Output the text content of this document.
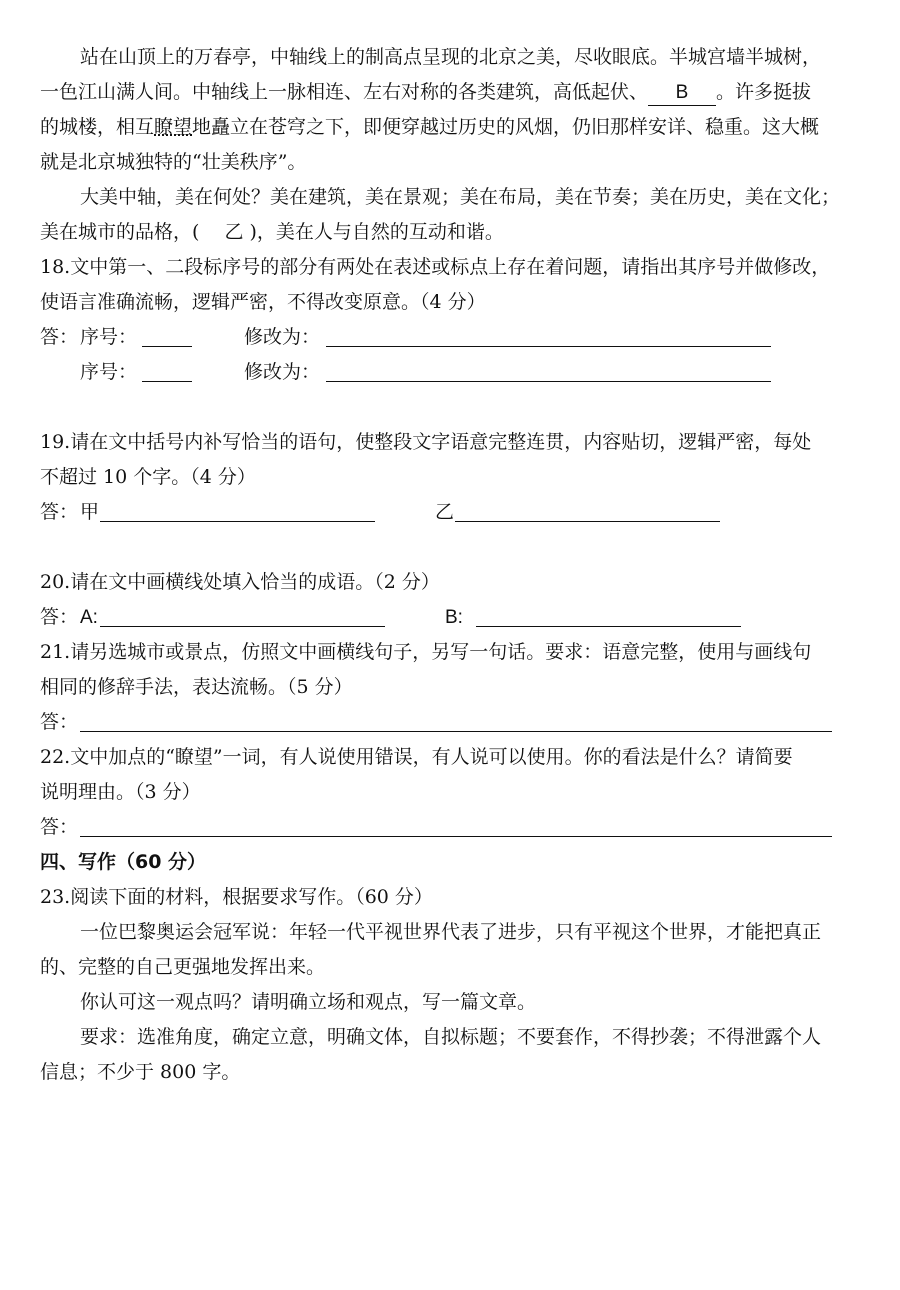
站在山顶上的万春亭，中轴线上的制高点呈现的北京之美，尽收眼底。半城宫墙半城树，

一色江山满人间。中轴线上一脉相连、左右对称的各类建筑，高低起伏、 B 。许多挺拔

的城楼，相互瞭望地矗立在苍穹之下，即便穿越过历史的风烟，仍旧那样安详、稳重。这大概

就是北京城独特的“壮美秩序”。

大美中轴，美在何处？美在建筑，美在景观；美在布局，美在节奏；美在历史，美在文化；

美在城市的品格，(　 乙 )，美在人与自然的互动和谐。

18.文中第一、二段标序号的部分有两处在表述或标点上存在着问题，请指出其序号并做修改，

使语言准确流畅，逻辑严密，不得改变原意。（4 分）

答： 序号：	修改为：
序号：	修改为：

19.请在文中括号内补写恰当的语句，使整段文字语意完整连贯，内容贴切，逻辑严密，每处

不超过 10 个字。（4 分）

答： 甲	乙

20.请在文中画横线处填入恰当的成语。（2 分）

答： A:	B:

21.请另选城市或景点，仿照文中画横线句子，另写一句话。要求：语意完整，使用与画线句

相同的修辞手法，表达流畅。（5 分）

答：

22.文中加点的“瞭望”一词，有人说使用错误，有人说可以使用。你的看法是什么？请简要

说明理由。（3 分）

答：

四、写作（60 分）

23.阅读下面的材料，根据要求写作。（60 分）

一位巴黎奥运会冠军说：年轻一代平视世界代表了进步，只有平视这个世界，才能把真正

的、完整的自己更强地发挥出来。

你认可这一观点吗？请明确立场和观点，写一篇文章。

要求：选准角度，确定立意，明确文体，自拟标题；不要套作，不得抄袭；不得泄露个人

信息；不少于 800 字。
